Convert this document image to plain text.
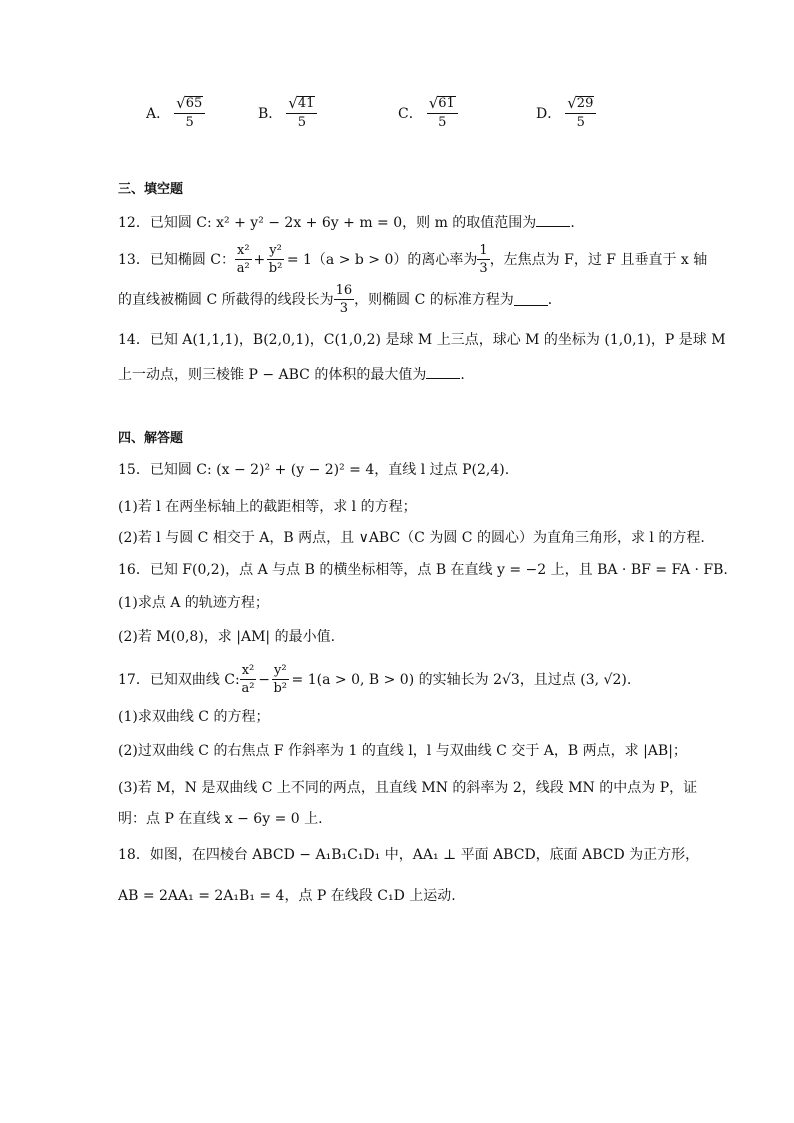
A． $\frac{√ 65}{5}$	B． $\frac{√ 41}{5}$	C． $\frac{√ 61}{5}$	D． $\frac{√ 29}{5}$
三、填空题
12．已知圆 C: x² + y² − 2x + 6y + m = 0，则 m 的取值范围为 .
13．已知椭圆 C： $\frac{\text{x²}}{\text{a²}} + \frac{\text{y²}}{\text{b²}} = 1$ （a > b > 0）的离心率为 $\frac{1}{3}$ ，左焦点为 F，过 F 且垂直于 x 轴
的直线被椭圆 C 所截得的线段长为 $\frac{16}{3}$ ，则椭圆 C 的标准方程为 ．
14．已知 A(1,1,1)，B(2,0,1)，C(1,0,2) 是球 M 上三点，球心 M 的坐标为 (1,0,1)，P 是球 M
上一动点，则三棱锥 P − ABC 的体积的最大值为 .
四、解答题
15．已知圆 C: (x − 2)² + (y − 2)² = 4，直线 l 过点 P(2,4).
(1)若 l 在两坐标轴上的截距相等，求 l 的方程；
(2)若 l 与圆 C 相交于 A，B 两点，且 ∨ABC（C 为圆 C 的圆心）为直角三角形，求 l 的方程.
16．已知 F(0,2)，点 A 与点 B 的横坐标相等，点 B 在直线 y = −2 上，且 BA · BF = FA · FB.
(1)求点 A 的轨迹方程；
(2)若 M(0,8)，求 |AM| 的最小值.
17．已知双曲线 C: $\frac{\text{x²}}{\text{a²}} - \frac{\text{y²}}{\text{b²}} = 1(a > 0$, B > 0) 的实轴长为 2√3，且过点 (3, √2).
(1)求双曲线 C 的方程；
(2)过双曲线 C 的右焦点 F 作斜率为 1 的直线 l，l 与双曲线 C 交于 A，B 两点，求 |AB|；
(3)若 M，N 是双曲线 C 上不同的两点，且直线 MN 的斜率为 2，线段 MN 的中点为 P，证
明：点 P 在直线 x − 6y = 0 上.
18．如图，在四棱台 ABCD − A₁B₁C₁D₁ 中，AA₁ ⊥ 平面 ABCD，底面 ABCD 为正方形，
AB = 2AA₁ = 2A₁B₁ = 4，点 P 在线段 C₁D 上运动.
